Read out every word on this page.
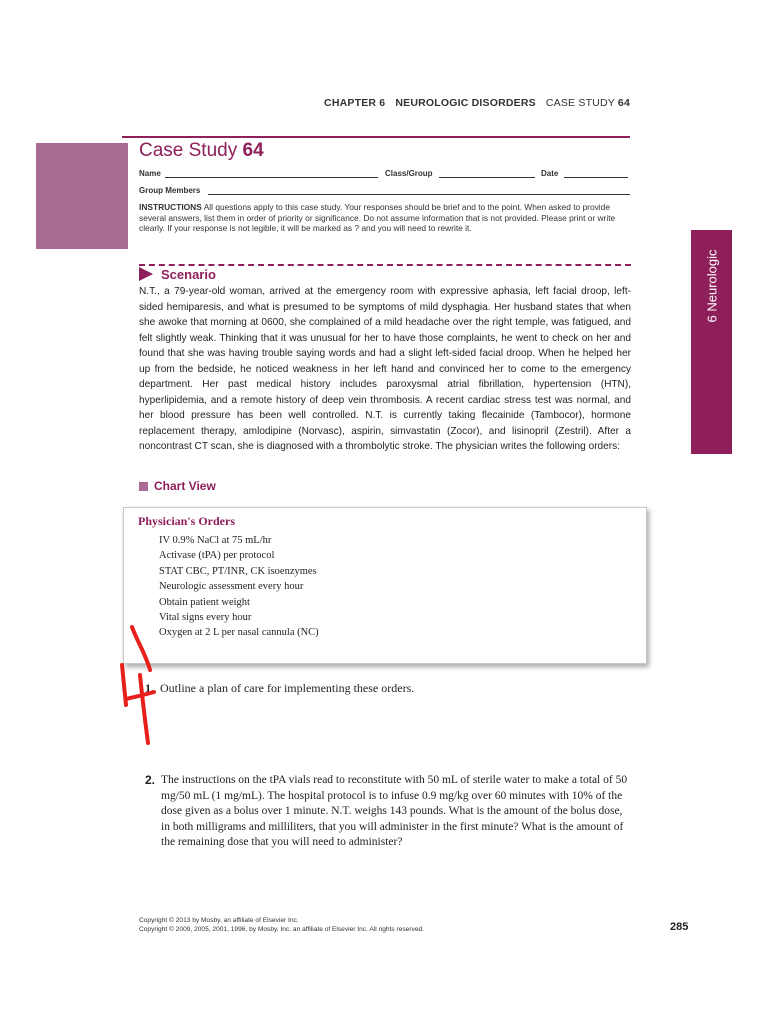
CHAPTER 6 NEUROLOGIC DISORDERS CASE STUDY 64
Case Study 64
Name	Class/Group	Date
Group Members
INSTRUCTIONS All questions apply to this case study. Your responses should be brief and to the point. When asked to provide several answers, list them in order of priority or significance. Do not assume information that is not provided. Please print or write clearly. If your response is not legible, it will be marked as ? and you will need to rewrite it.
Scenario
N.T., a 79-year-old woman, arrived at the emergency room with expressive aphasia, left facial droop, left-sided hemiparesis, and what is presumed to be symptoms of mild dysphagia. Her husband states that when she awoke that morning at 0600, she complained of a mild headache over the right temple, was fatigued, and felt slightly weak. Thinking that it was unusual for her to have those complaints, he went to check on her and found that she was having trouble saying words and had a slight left-sided facial droop. When he helped her up from the bedside, he noticed weakness in her left hand and convinced her to come to the emergency department. Her past medical history includes paroxysmal atrial fibrillation, hypertension (HTN), hyperlipidemia, and a remote history of deep vein thrombosis. A recent cardiac stress test was normal, and her blood pressure has been well controlled. N.T. is currently taking flecainide (Tambocor), hormone replacement therapy, amlodipine (Norvasc), aspirin, simvastatin (Zocor), and lisinopril (Zestril). After a noncontrast CT scan, she is diagnosed with a thrombolytic stroke. The physician writes the following orders:
6 Neurologic
Chart View
Physician's Orders
IV 0.9% NaCl at 75 mL/hr
Activase (tPA) per protocol
STAT CBC, PT/INR, CK isoenzymes
Neurologic assessment every hour
Obtain patient weight
Vital signs every hour
Oxygen at 2 L per nasal cannula (NC)
1. Outline a plan of care for implementing these orders.
2. The instructions on the tPA vials read to reconstitute with 50 mL of sterile water to make a total of 50 mg/50 mL (1 mg/mL). The hospital protocol is to infuse 0.9 mg/kg over 60 minutes with 10% of the dose given as a bolus over 1 minute. N.T. weighs 143 pounds. What is the amount of the bolus dose, in both milligrams and milliliters, that you will administer in the first minute? What is the amount of the remaining dose that you will need to administer?
Copyright © 2013 by Mosby, an affiliate of Elsevier Inc.
Copyright © 2009, 2005, 2001, 1996, by Mosby, Inc. an affiliate of Elsevier Inc. All rights reserved.	285
